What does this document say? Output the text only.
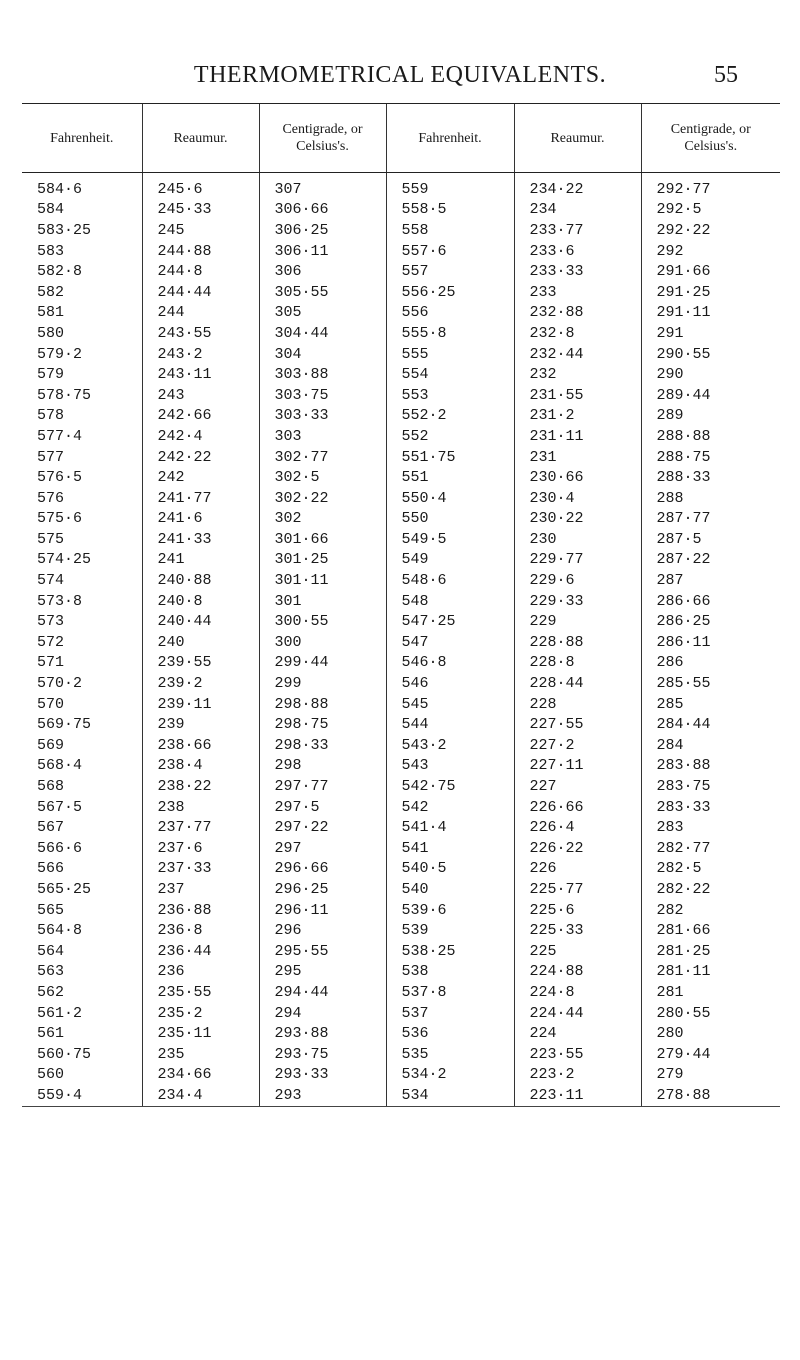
THERMOMETRICAL EQUIVALENTS.	55
Fahrenheit.	Reaumur.	Centigrade, or Celsius's.	Fahrenheit.	Reaumur.	Centigrade, or Celsius's.
584·6	245·6	307	559	234·22	292·77
584	245·33	306·66	558·5	234	292·5
583·25	245	306·25	558	233·77	292·22
583	244·88	306·11	557·6	233·6	292
582·8	244·8	306	557	233·33	291·66
582	244·44	305·55	556·25	233	291·25
581	244	305	556	232·88	291·11
580	243·55	304·44	555·8	232·8	291
579·2	243·2	304	555	232·44	290·55
579	243·11	303·88	554	232	290
578·75	243	303·75	553	231·55	289·44
578	242·66	303·33	552·2	231·2	289
577·4	242·4	303	552	231·11	288·88
577	242·22	302·77	551·75	231	288·75
576·5	242	302·5	551	230·66	288·33
576	241·77	302·22	550·4	230·4	288
575·6	241·6	302	550	230·22	287·77
575	241·33	301·66	549·5	230	287·5
574·25	241	301·25	549	229·77	287·22
574	240·88	301·11	548·6	229·6	287
573·8	240·8	301	548	229·33	286·66
573	240·44	300·55	547·25	229	286·25
572	240	300	547	228·88	286·11
571	239·55	299·44	546·8	228·8	286
570·2	239·2	299	546	228·44	285·55
570	239·11	298·88	545	228	285
569·75	239	298·75	544	227·55	284·44
569	238·66	298·33	543·2	227·2	284
568·4	238·4	298	543	227·11	283·88
568	238·22	297·77	542·75	227	283·75
567·5	238	297·5	542	226·66	283·33
567	237·77	297·22	541·4	226·4	283
566·6	237·6	297	541	226·22	282·77
566	237·33	296·66	540·5	226	282·5
565·25	237	296·25	540	225·77	282·22
565	236·88	296·11	539·6	225·6	282
564·8	236·8	296	539	225·33	281·66
564	236·44	295·55	538·25	225	281·25
563	236	295	538	224·88	281·11
562	235·55	294·44	537·8	224·8	281
561·2	235·2	294	537	224·44	280·55
561	235·11	293·88	536	224	280
560·75	235	293·75	535	223·55	279·44
560	234·66	293·33	534·2	223·2	279
559·4	234·4	293	534	223·11	278·88
